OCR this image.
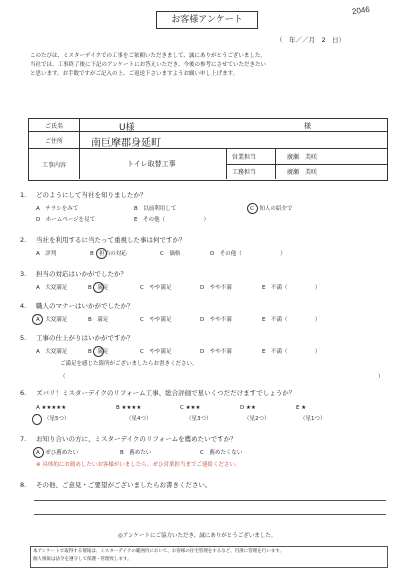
2046
お客様アンケート
（　年／／月　2　日）
このたびは、ミスターデイクでの工事をご依頼いただきまして、誠にありがとうございました。
当社では、工事終了後に下記のアンケートにお答えいただき、今後の参考にさせていただきたい
と思います。お手数ですがご記入の上、ご返送下さいますようお願い申し上げます。
ご氏名	U様	様
ご住所	南巨摩郡身延町
工事内容	トイレ取替工事
営業担当	廣瀬　美咲
工務担当	廣瀬　美咲
1. どのようにして当社を知りましたか？
A　チラシをみて	B　以前利用して	C　知人の紹介で
D　ホームページを見て	E　その他（　　　　　　　）
2. 当社を利用するに当たって重視した事は何ですか？
A　評判	B　担当の対応	C　価格	D　その他（　　　　　　　）
3. 担当の対応はいかがでしたか？
A　大変満足	B　満足	C　やや満足	D　やや不満	E　不満（　　　　　）
4. 職人のマナーはいかがでしたか？
A　大変満足	B　満足	C　やや満足	D　やや不満	E　不満（　　　　　）
5. 工事の仕上がりはいかがですか？
A　大変満足	B　満足	C　やや満足	D　やや不満	E　不満（　　　　　）
ご満足を感じた箇所がございましたらお書きください。
（	）
6. ズバリ！ミスターデイクのリフォーム工事、総合評価で星いくつだだけますでしょうか？
A ★★★★★	B ★★★★	C ★★★	D ★★	E ★
（星5つ）	（星4つ）	（星3つ）	（星2つ）	（星1つ）
7. お知り合いの方に、ミスターデイクのリフォームを薦めたいですか？
A　ぜひ薦めたい	B　薦めたい	C　薦めたくない
※ 具体的にお薦めしたいお客様がいましたら、ぜひ営業担当までご連絡ください。
8. その他、ご意見・ご要望がございましたらお書きください。
◎アンケートにご協力いただき、誠にありがとうございました。
本アンケートで取得する情報は、ミスターデイクの範囲内において、お客様の住宅管理をするなど、円滑に管理を行います。
個人情報は法令を遵守して保護・管理致します。
